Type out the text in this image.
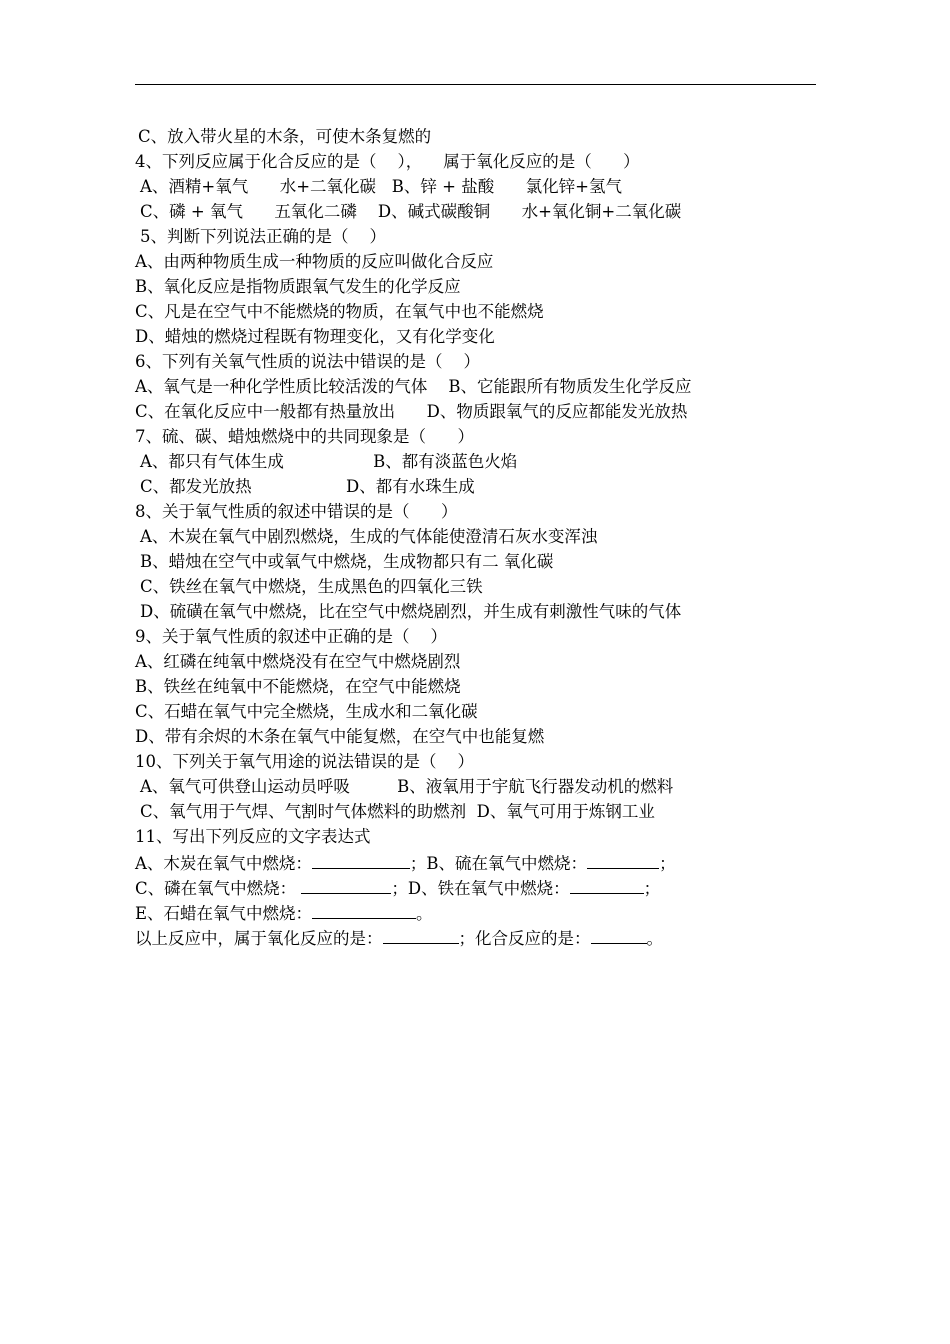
C、放入带火星的木条，可使木条复燃的
4、下列反应属于化合反应的是（    ），    属于氧化反应的是（      ）
A、酒精+氧气      水+二氧化碳   B、锌 + 盐酸      氯化锌+氢气
C、磷 + 氧气      五氧化二磷    D、碱式碳酸铜      水+氧化铜+二氧化碳
5、判断下列说法正确的是（    ）
A、由两种物质生成一种物质的反应叫做化合反应
B、氧化反应是指物质跟氧气发生的化学反应
C、凡是在空气中不能燃烧的物质，在氧气中也不能燃烧
D、蜡烛的燃烧过程既有物理变化，又有化学变化
6、下列有关氧气性质的说法中错误的是（    ）
A、氧气是一种化学性质比较活泼的气体    B、它能跟所有物质发生化学反应
C、在氧化反应中一般都有热量放出      D、物质跟氧气的反应都能发光放热
7、硫、碳、蜡烛燃烧中的共同现象是（      ）
A、都只有气体生成                 B、都有淡蓝色火焰
C、都发光放热                  D、都有水珠生成
8、关于氧气性质的叙述中错误的是（      ）
A、木炭在氧气中剧烈燃烧，生成的气体能使澄清石灰水变浑浊
B、蜡烛在空气中或氧气中燃烧，生成物都只有二 氧化碳
C、铁丝在氧气中燃烧，生成黑色的四氧化三铁
D、硫磺在氧气中燃烧，比在空气中燃烧剧烈，并生成有刺激性气味的气体
9、关于氧气性质的叙述中正确的是（    ）
A、红磷在纯氧中燃烧没有在空气中燃烧剧烈
B、铁丝在纯氧中不能燃烧，在空气中能燃烧
C、石蜡在氧气中完全燃烧，生成水和二氧化碳
D、带有余烬的木条在氧气中能复燃，在空气中也能复燃
10、下列关于氧气用途的说法错误的是（    ）
A、氧气可供登山运动员呼吸         B、液氧用于宇航飞行器发动机的燃料
C、氧气用于气焊、气割时气体燃料的助燃剂  D、氧气可用于炼钢工业
11、写出下列反应的文字表达式
A、木炭在氧气中燃烧：	；B、硫在氧气中燃烧：	；
C、磷在氧气中燃烧：	；D、铁在氧气中燃烧：	；
E、石蜡在氧气中燃烧：	。
以上反应中，属于氧化反应的是：	；化合反应的是：	。
